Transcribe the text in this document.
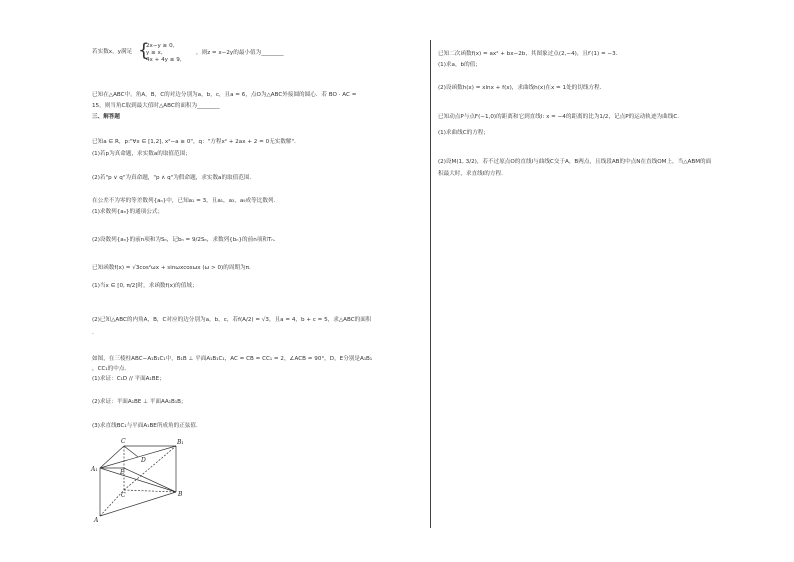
若实数x，y满足 {
2x−y ≥ 0,
y ≥ x,
4x + 4y ≤ 9,
，则z = x−2y的最小值为________
已知在△ABC中，角A，B，C的对边分别为a，b，c，且a = 6，点O为△ABC外接圆的圆心．若 BO · AC =
15，则当角C取到最大值时△ABC的面积为________
三、解答题
已知a ∈ R，p:"∀x ∈ [1,2], x²−a ≥ 0"，q："方程x² + 2ax + 2 = 0无实数解"．
(1)若p为真命题，求实数a的取值范围；
(2)若"p ∨ q"为真命题，"p ∧ q"为假命题，求实数a的取值范围．
在公差不为零的等差数列{aₙ}中，已知a₁ = 3，且a₁，a₃，a₉成等比数列．
(1)求数列{aₙ}的通项公式；
(2)设数列{aₙ}的前n项和为Sₙ，记bₙ = 9/2Sₙ，求数列{bₙ}的前n项和Tₙ．
已知函数f(x) = √3cos²ωx + sinωxcosωx (ω > 0)的周期为π．
(1)当x ∈ [0, π/2]时，求函数f(x)的值域；
(2)已知△ABC的内角A，B，C对应的边分别为a，b，c，若f(A/2) = √3，且a = 4，b + c = 5，求△ABC的面积
.
如图，在三棱柱ABC−A₁B₁C₁中，B₁B ⊥ 平面A₁B₁C₁，AC = CB = CC₁ = 2，∠ACB = 90°，D，E分别是A₁B₁
，CC₁的中点．
(1)求证：C₁D // 平面A₁BE；
(2)求证：平面A₁BE ⊥ 平面AA₁B₁B；
(3)求直线BC₁与平面A₁BE所成角的正弦值．
C	B₁
A₁	E
D
C	B
A
已知二次函数f(x) = ax² + bx−2b，其图象过点(2,−4)，且f′(1) = −3．
(1)求a，b的值；
(2)设函数h(x) = xlnx + f(x)，求曲线h(x)在x = 1处的切线方程．
已知动点P与点F(−1,0)的距离和它到直线l: x = −4的距离的比为1/2，记点P的运动轨迹为曲线C．
(1)求曲线C的方程；
(2)设M(1, 3/2)，若不过原点O的直线l与曲线C交于A，B两点，且线段AB的中点N在直线OM上，当△ABM的面
积最大时，求直线l的方程．
